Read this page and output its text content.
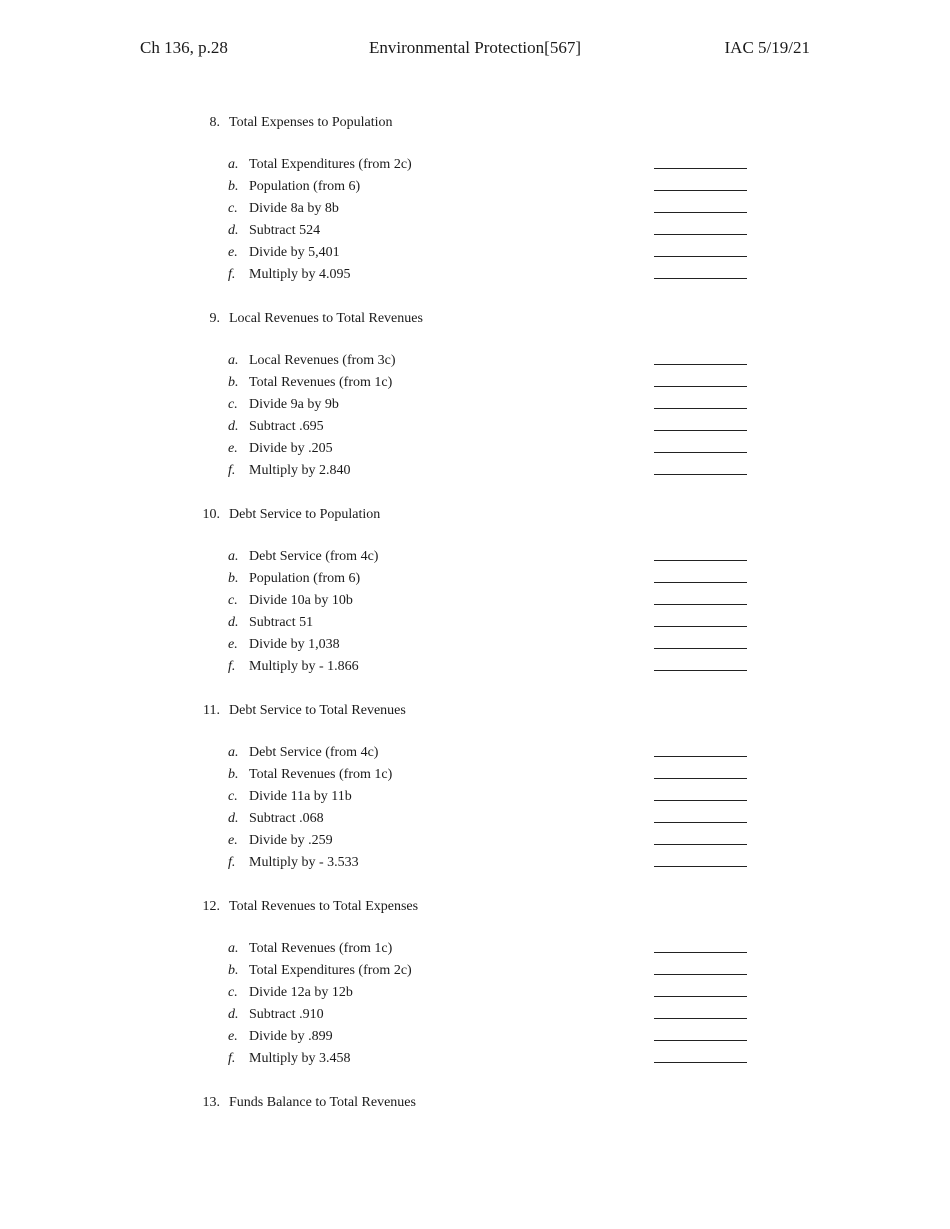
Ch 136, p.28	Environmental Protection[567]	IAC 5/19/21
8. Total Expenses to Population
a. Total Expenditures (from 2c)
b. Population (from 6)
c. Divide 8a by 8b
d. Subtract 524
e. Divide by 5,401
f. Multiply by 4.095
9. Local Revenues to Total Revenues
a. Local Revenues (from 3c)
b. Total Revenues (from 1c)
c. Divide 9a by 9b
d. Subtract .695
e. Divide by .205
f. Multiply by 2.840
10. Debt Service to Population
a. Debt Service (from 4c)
b. Population (from 6)
c. Divide 10a by 10b
d. Subtract 51
e. Divide by 1,038
f. Multiply by - 1.866
11. Debt Service to Total Revenues
a. Debt Service (from 4c)
b. Total Revenues (from 1c)
c. Divide 11a by 11b
d. Subtract .068
e. Divide by .259
f. Multiply by - 3.533
12. Total Revenues to Total Expenses
a. Total Revenues (from 1c)
b. Total Expenditures (from 2c)
c. Divide 12a by 12b
d. Subtract .910
e. Divide by .899
f. Multiply by 3.458
13. Funds Balance to Total Revenues
